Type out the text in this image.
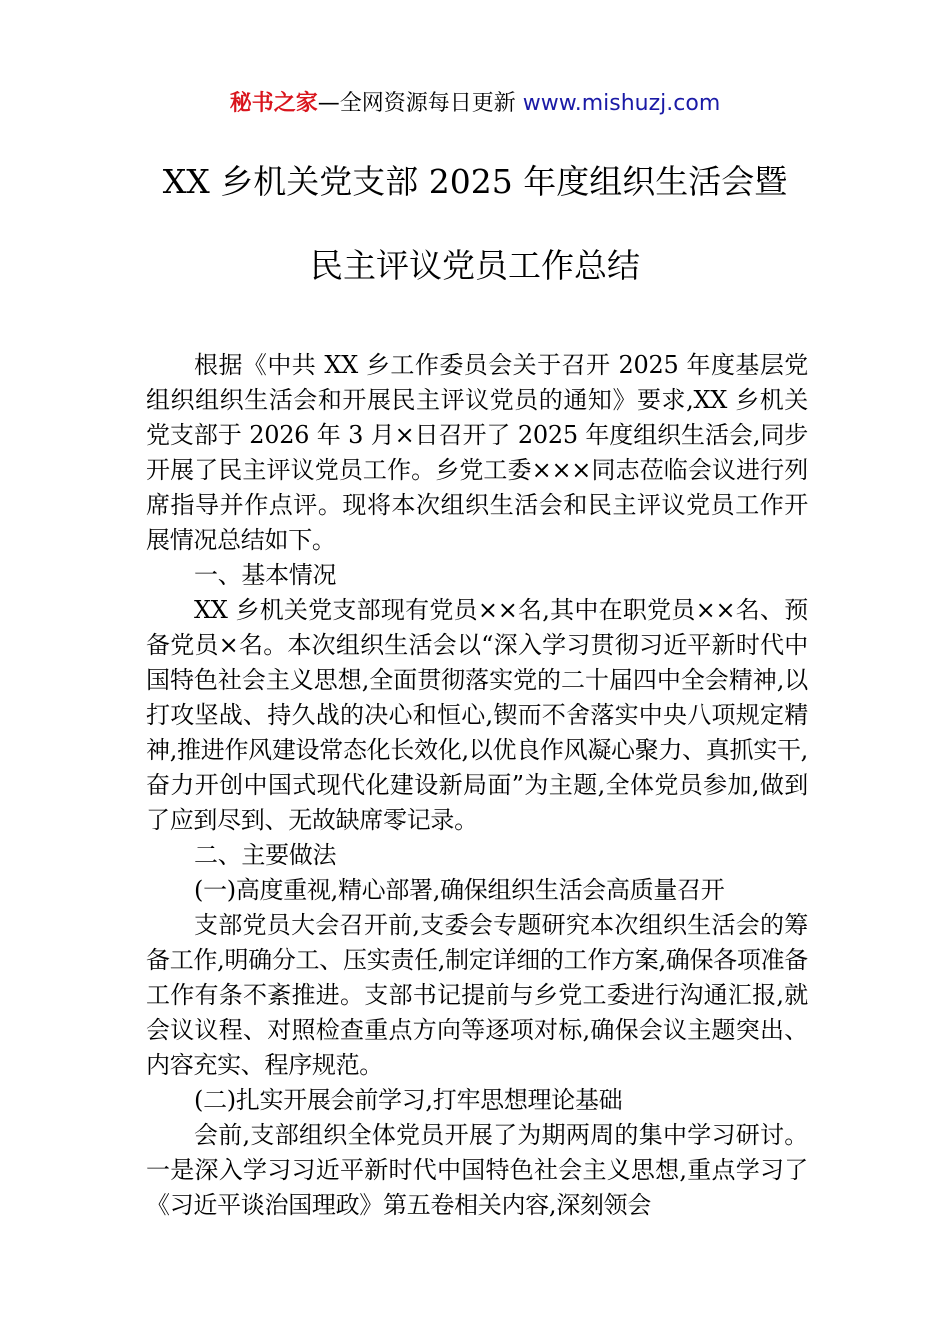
秘书之家—全网资源每日更新 www.mishuzj.com
XX 乡机关党支部 2025 年度组织生活会暨
民主评议党员工作总结

根据《中共 XX 乡工作委员会关于召开 2025 年度基层党组织组织生活会和开展民主评议党员的通知》要求,XX 乡机关党支部于 2026 年 3 月×日召开了 2025 年度组织生活会,同步开展了民主评议党员工作。乡党工委×××同志莅临会议进行列席指导并作点评。现将本次组织生活会和民主评议党员工作开展情况总结如下。

一、基本情况

XX 乡机关党支部现有党员××名,其中在职党员××名、预备党员×名。本次组织生活会以“深入学习贯彻习近平新时代中国特色社会主义思想,全面贯彻落实党的二十届四中全会精神,以打攻坚战、持久战的决心和恒心,锲而不舍落实中央八项规定精神,推进作风建设常态化长效化,以优良作风凝心聚力、真抓实干,奋力开创中国式现代化建设新局面”为主题,全体党员参加,做到了应到尽到、无故缺席零记录。

二、主要做法

(一)高度重视,精心部署,确保组织生活会高质量召开

支部党员大会召开前,支委会专题研究本次组织生活会的筹备工作,明确分工、压实责任,制定详细的工作方案,确保各项准备工作有条不紊推进。支部书记提前与乡党工委进行沟通汇报,就会议议程、对照检查重点方向等逐项对标,确保会议主题突出、内容充实、程序规范。

(二)扎实开展会前学习,打牢思想理论基础

会前,支部组织全体党员开展了为期两周的集中学习研讨。一是深入学习习近平新时代中国特色社会主义思想,重点学习了《习近平谈治国理政》第五卷相关内容,深刻领会
